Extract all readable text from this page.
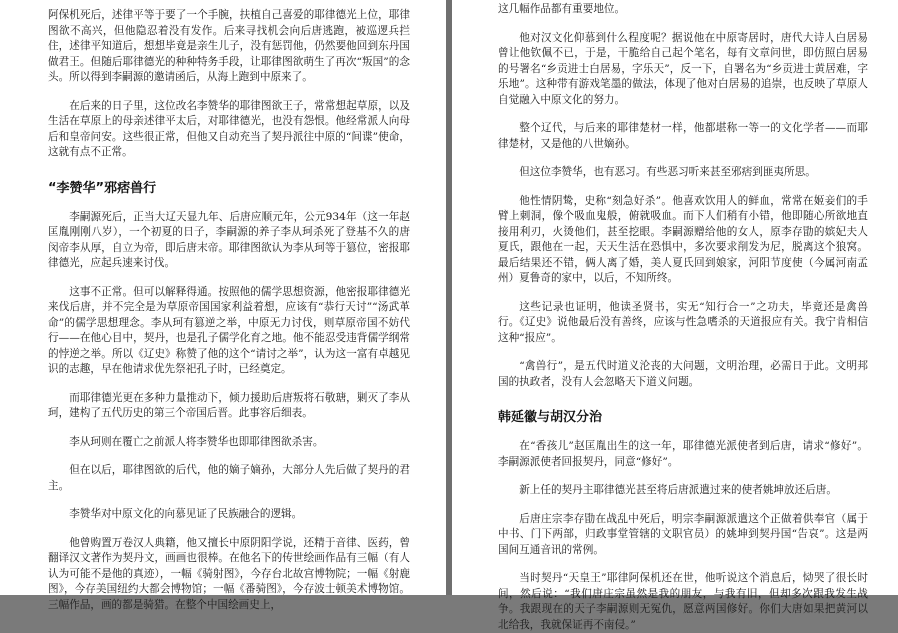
阿保机死后，述律平等于要了一个手腕，扶植自己喜爱的耶律德光上位，耶律图欲不高兴，但他隐忍着没有发作。后来寻找机会向后唐逃跑，被巡逻兵拦住，述律平知道后，想想毕竟是亲生儿子，没有惩罚他，仍然要他回到东丹国做君王。但随后耶律德光的种种特务手段，让耶律图欲萌生了再次“叛国”的念头。所以得到李嗣源的邀请函后，从海上跑到中原来了。

在后来的日子里，这位改名李赞华的耶律图欲王子，常常想起草原，以及生活在草原上的母亲述律平太后，对耶律德光，也没有怨恨。他经常派人向母后和皇帝问安。这些很正常，但他又自动充当了契丹派往中原的“间谍”使命，这就有点不正常。

“李赞华”邪痞兽行

李嗣源死后，正当大辽天显九年、后唐应顺元年，公元934年（这一年赵匡胤刚刚八岁），一个初夏的日子，李嗣源的养子李从珂杀死了登基不久的唐闵帝李从厚，自立为帝，即后唐末帝。耶律图欲认为李从珂等于篡位，密报耶律德光，应起兵速来讨伐。

这事不正常。但可以解释得通。按照他的儒学思想资源，他密报耶律德光来伐后唐，并不完全是为草原帝国国家利益着想，应该有“恭行天讨”“汤武革命”的儒学思想理念。李从珂有篡逆之举，中原无力讨伐，则草原帝国不妨代行——在他心目中，契丹，也是孔子儒学化育之地。他不能忍受违背儒学纲常的悖逆之举。所以《辽史》称赞了他的这个“请讨之举”，认为这一富有卓越见识的志趣，早在他请求优先祭祀孔子时，已经奠定。

而耶律德光更在多种力量推动下，倾力援助后唐叛将石敬瑭，剿灭了李从珂，建构了五代历史的第三个帝国后晋。此事容后细表。

李从珂则在覆亡之前派人将李赞华也即耶律图欲杀害。

但在以后，耶律图欲的后代，他的嫡子嫡孙，大部分人先后做了契丹的君主。

李赞华对中原文化的向慕见证了民族融合的逻辑。

他曾购置万卷汉人典籍，他又擅长中原阴阳学说，还精于音律、医药，曾翻译汉文著作为契丹文，画画也很棒。在他名下的传世绘画作品有三幅（有人认为可能不是他的真迹），一幅《骑射图》，今存台北故宫博物院；一幅《射鹿图》，今存美国纽约大都会博物馆；一幅《番骑图》，今存波士顿美术博物馆。三幅作品，画的都是骑猎。在整个中国绘画史上，

这几幅作品都有重要地位。

他对汉文化仰慕到什么程度呢？据说他在中原寄居时，唐代大诗人白居易曾让他钦佩不已，于是，干脆给自己起个笔名，每有文章问世，即仿照白居易的号署名“乡贡进士白居易，字乐天”，反一下，自署名为“乡贡进士黄居难，字乐地”。这种带有游戏笔墨的做法，体现了他对白居易的追崇，也反映了草原人自觉融入中原文化的努力。

整个辽代，与后来的耶律楚材一样，他都堪称一等一的文化学者——而耶律楚材，又是他的八世嫡孙。

但这位李赞华，也有恶习。有些恶习听来甚至邪痞到匪夷所思。

他性情阴鸷，史称“刻急好杀”。他喜欢饮用人的鲜血，常常在姬妾们的手臂上刺洞，像个吸血鬼般，俯就吸血。而下人们稍有小错，他即随心所欲地直接用利刃，火烫他们，甚至挖眼。李嗣源赠给他的女人，原李存勖的嫔妃夫人夏氏，跟他在一起，天天生活在恐惧中，多次要求削发为尼，脱离这个狼窝。最后结果还不错，俩人离了婚，美人夏氏回到娘家，河阳节度使（今属河南孟州）夏鲁奇的家中，以后，不知所终。

这些记录也证明，他读圣贤书，实无“知行合一”之功夫，毕竟还是禽兽行。《辽史》说他最后没有善终，应该与性急嗜杀的天道报应有关。我宁肯相信这种“报应”。

“禽兽行”，是五代时道义沦丧的大问题，文明治理，必需日于此。文明邦国的执政者，没有人会忽略天下道义问题。

韩延徽与胡汉分治

在“香孩儿”赵匡胤出生的这一年，耶律德光派使者到后唐，请求“修好”。李嗣源派使者回报契丹，同意“修好”。

新上任的契丹主耶律德光甚至将后唐派遣过来的使者姚坤放还后唐。

后唐庄宗李存勖在战乱中死后，明宗李嗣源派遣这个正做着供奉官（属于中书、门下两部，归政事堂管辖的文职官员）的姚坤到契丹国“告哀”。这是两国间互通音讯的常例。

当时契丹“天皇王”耶律阿保机还在世，他听说这个消息后，恸哭了很长时间，然后说：“我们唐庄宗虽然是我的朋友，与我有旧，但却多次跟我发生战争。我跟现在的天子李嗣源则无冤仇，愿意两国修好。你们大唐如果把黄河以北给我，我就保证再不南侵。”
